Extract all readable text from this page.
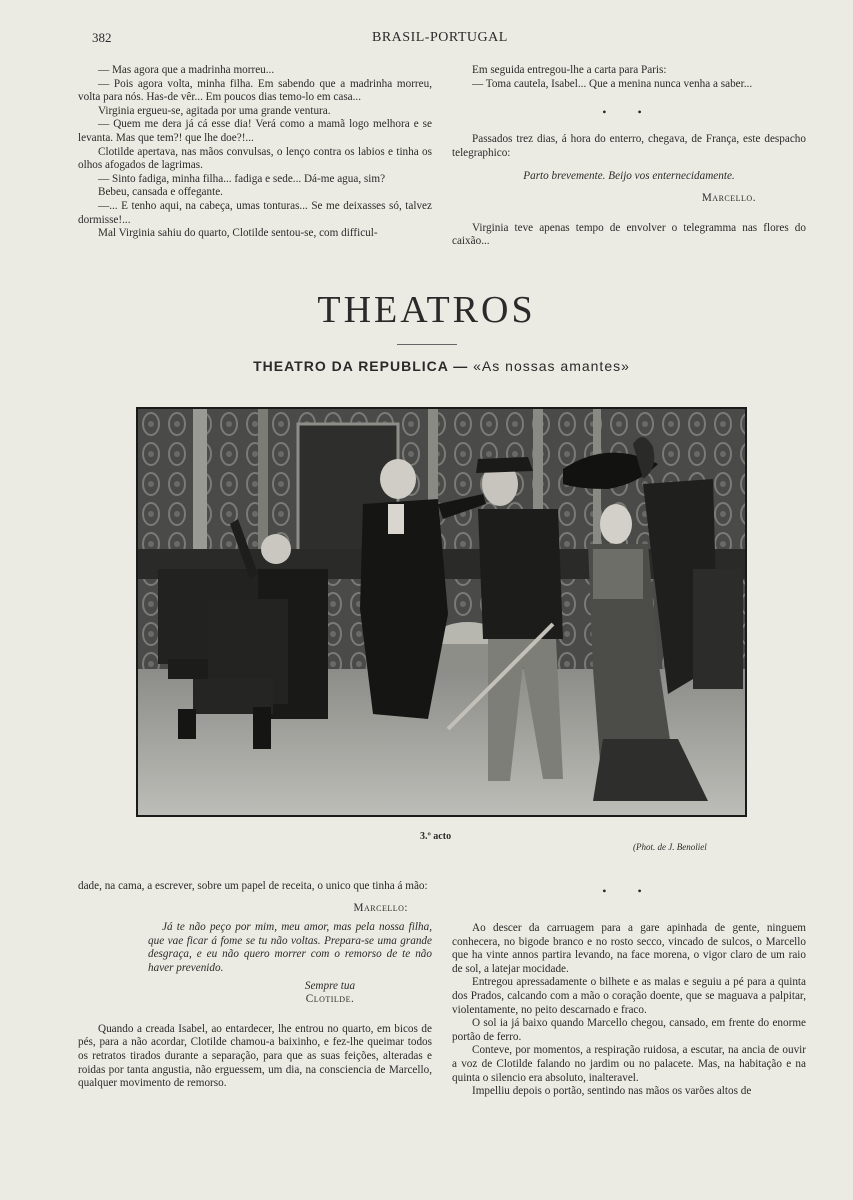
382	BRASIL-PORTUGAL

— Mas agora que a madrinha morreu...

— Pois agora volta, minha filha. Em sabendo que a madrinha morreu, volta para nós. Has-de vêr... Em poucos dias temo-lo em casa...

Virginia ergueu-se, agitada por uma grande ventura.

— Quem me dera já cá esse dia! Verá como a mamã logo melhora e se levanta. Mas que tem?! que lhe doe?!...

Clotilde apertava, nas mãos convulsas, o lenço contra os labios e tinha os olhos afogados de lagrimas.

— Sinto fadiga, minha filha... fadiga e sede... Dá-me agua, sim?

Bebeu, cansada e offegante.

—... E tenho aqui, na cabeça, umas tonturas... Se me deixasses só, talvez dormisse!...

Mal Virginia sahiu do quarto, Clotilde sentou-se, com difficul-

Em seguida entregou-lhe a carta para Paris:

— Toma cautela, Isabel... Que a menina nunca venha a saber...

• •

Passados trez dias, á hora do enterro, chegava, de França, este despacho telegraphico:

Parto brevemente. Beijo vos enternecidamente.

Marcello.

Virginia teve apenas tempo de envolver o telegramma nas flores do caixão...

THEATROS
THEATRO DA REPUBLICA — «As nossas amantes»
3.º acto
(Phot. de J. Benoliel

dade, na cama, a escrever, sobre um papel de receita, o unico que tinha á mão:

Marcello:

Já te não peço por mim, meu amor, mas pela nossa filha, que vae ficar á fome se tu não voltas. Prepara-se uma grande desgraça, e eu não quero morrer com o remorso de te não haver prevenido.

Sempre tua

Clotilde.

Quando a creada Isabel, ao entardecer, lhe entrou no quarto, em bicos de pés, para a não acordar, Clotilde chamou-a baixinho, e fez-lhe queimar todos os retratos tirados durante a separação, para que as suas feições, alteradas e roidas por tanta angustia, não erguessem, um dia, na consciencia de Marcello, qualquer movimento de remorso.

Ao descer da carruagem para a gare apinhada de gente, ninguem conhecera, no bigode branco e no rosto secco, vincado de sulcos, o Marcello que ha vinte annos partira levando, na face morena, o vigor claro de um raio de sol, a latejar mocidade.

Entregou apressadamente o bilhete e as malas e seguiu a pé para a quinta dos Prados, calcando com a mão o coração doente, que se maguava a palpitar, violentamente, no peito descarnado e fraco.

O sol ia já baixo quando Marcello chegou, cansado, em frente do enorme portão de ferro.

Conteve, por momentos, a respiração ruidosa, a escutar, na ancia de ouvir a voz de Clotilde falando no jardim ou no palacete. Mas, na habitação e na quinta o silencio era absoluto, inalteravel.

Impelliu depois o portão, sentindo nas mãos os varões altos de

• •
